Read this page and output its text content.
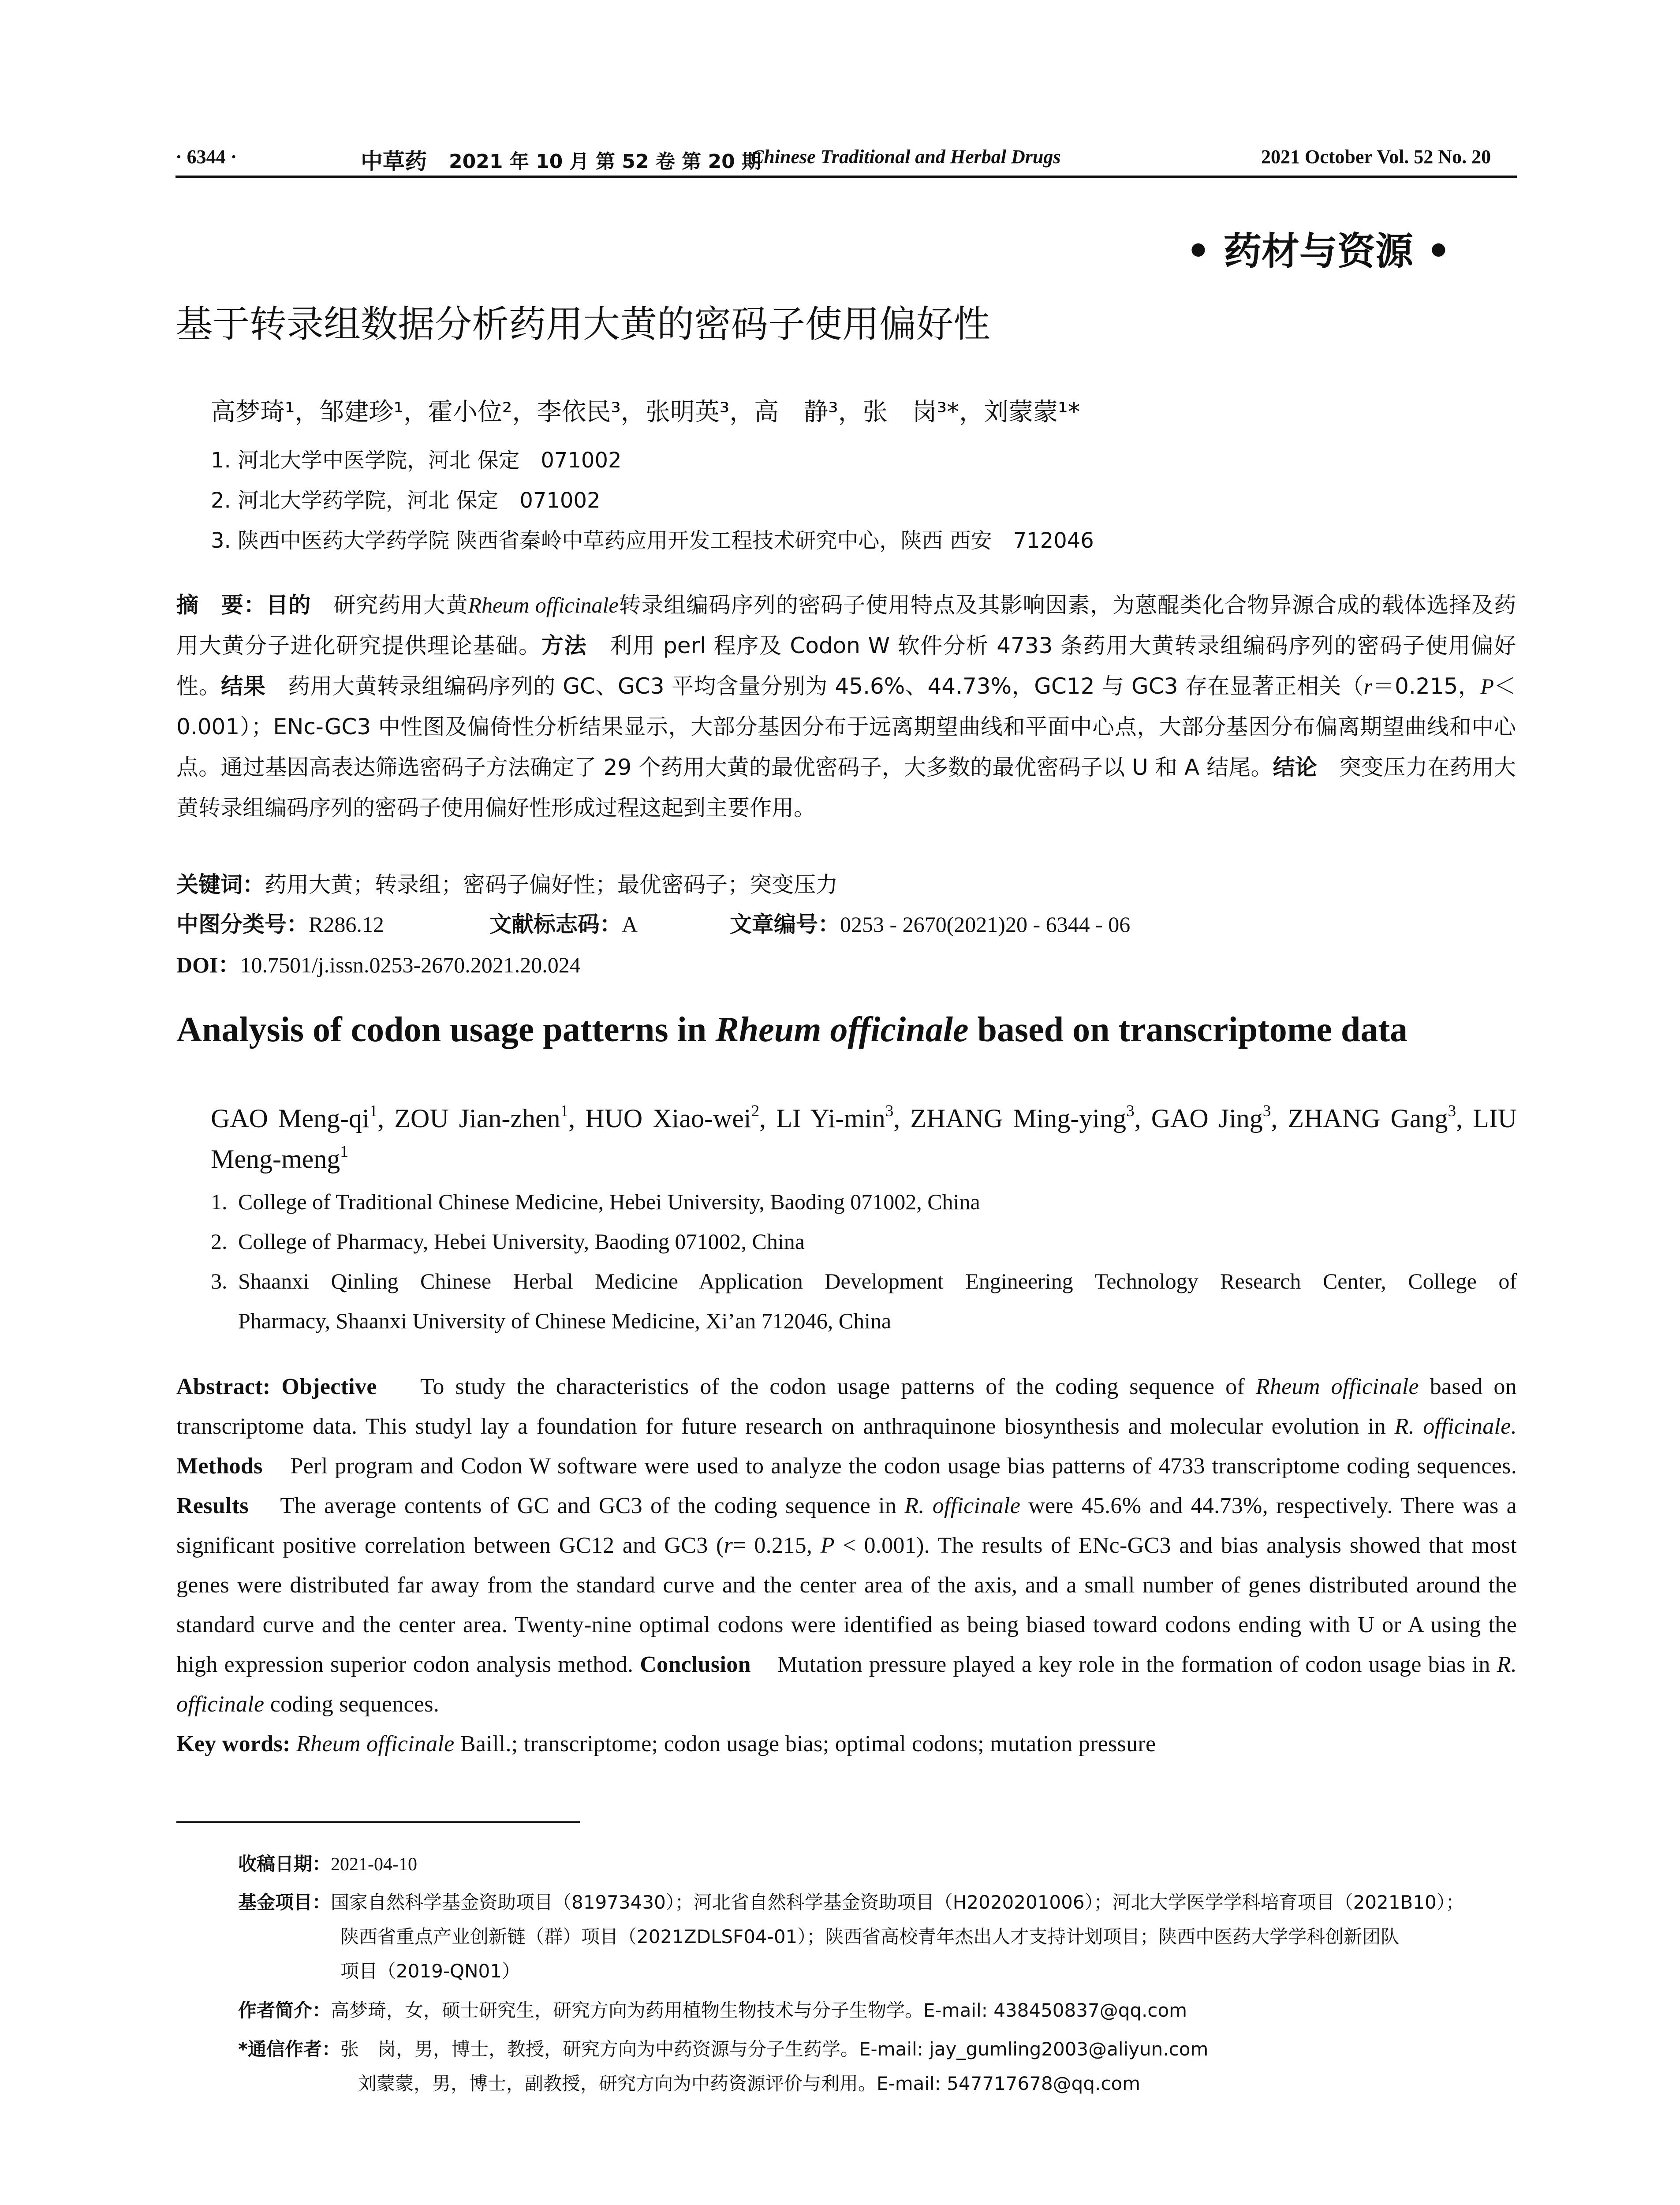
· 6344 ·	中草药 2021 年 10 月 第 52 卷 第 20 期
Chinese Traditional and Herbal Drugs	2021 October Vol. 52 No. 20
• 药材与资源 •
基于转录组数据分析药用大黄的密码子使用偏好性
高梦琦¹，邹建珍¹，霍小位²，李依民³，张明英³，高　静³，张　岗³*，刘蒙蒙¹*
1. 河北大学中医学院，河北 保定　071002
2. 河北大学药学院，河北 保定　071002
3. 陕西中医药大学药学院 陕西省秦岭中草药应用开发工程技术研究中心，陕西 西安　712046
摘　要：目的　 研究药用大黄Rheum officinale转录组编码序列的密码子使用特点及其影响因素，为蒽醌类化合物异源合成的载体选择及药用大黄分子进化研究提供理论基础。方法　 利用 perl 程序及 Codon W 软件分析 4733 条药用大黄转录组编码序列的密码子使用偏好性。结果　 药用大黄转录组编码序列的 GC、GC3 平均含量分别为 45.6%、44.73%，GC12 与 GC3 存在显著正相关（r＝0.215，P＜0.001）；ENc-GC3 中性图及偏倚性分析结果显示，大部分基因分布于远离期望曲线和平面中心点，大部分基因分布偏离期望曲线和中心点。通过基因高表达筛选密码子方法确定了 29 个药用大黄的最优密码子，大多数的最优密码子以 U 和 A 结尾。结论　 突变压力在药用大黄转录组编码序列的密码子使用偏好性形成过程这起到主要作用。
关键词：药用大黄；转录组；密码子偏好性；最优密码子；突变压力
中图分类号：R286.12	文献标志码：A	文章编号：0253 - 2670(2021)20 - 6344 - 06
DOI：10.7501/j.issn.0253-2670.2021.20.024
Analysis of codon usage patterns in Rheum officinale based on transcriptome data
GAO Meng-$qi^1$, ZOU Jian-zhen$^1$, HUO Xiao-wei$^2$, LI $Yi-\min^3$, ZHANG Ming-ying$^3$, GAO Jing$^3$, ZHANG Gang$^3$, LIU Meng-meng$^1$
1. College of Traditional Chinese Medicine, Hebei University, Baoding 071002, China
2. College of Pharmacy, Hebei University, Baoding 071002, China
3. Shaanxi Qinling Chinese Herbal Medicine Application Development Engineering Technology Research Center, College of
Pharmacy, Shaanxi University of Chinese Medicine, Xi’an 712046, China
Abstract: Objective To study the characteristics of the codon usage patterns of the coding sequence of Rheum officinale based on transcriptome data. This studyl lay a foundation for future research on anthraquinone biosynthesis and molecular evolution in R. officinale. Methods Perl program and Codon W software were used to analyze the codon usage bias patterns of 4733 transcriptome coding sequences. Results The average contents of GC and GC3 of the coding sequence in R. officinale were 45.6% and 44.73%, respectively. There was a significant positive correlation between GC12 and GC3 (r= 0.215, P < 0.001). The results of ENc-GC3 and bias analysis showed that most genes were distributed far away from the standard curve and the center area of the axis, and a small number of genes distributed around the standard curve and the center area. Twenty-nine optimal codons were identified as being biased toward codons ending with U or A using the high expression superior codon analysis method. Conclusion Mutation pressure played a key role in the formation of codon usage bias in R. officinale coding sequences.
Key words: Rheum officinale Baill.; transcriptome; codon usage bias; optimal codons; mutation pressure
收稿日期：2021-04-10
基金项目：国家自然科学基金资助项目（81973430）；河北省自然科学基金资助项目（H2020201006）；河北大学医学学科培育项目（2021B10）；
陕西省重点产业创新链（群）项目（2021ZDLSF04-01）；陕西省高校青年杰出人才支持计划项目；陕西中医药大学学科创新团队
项目（2019-QN01）
作者简介：高梦琦，女，硕士研究生，研究方向为药用植物生物技术与分子生物学。E-mail: 438450837@qq.com
*通信作者：张　岗，男，博士，教授，研究方向为中药资源与分子生药学。E-mail: jay_gumling2003@aliyun.com
刘蒙蒙，男，博士，副教授，研究方向为中药资源评价与利用。E-mail: 547717678@qq.com
